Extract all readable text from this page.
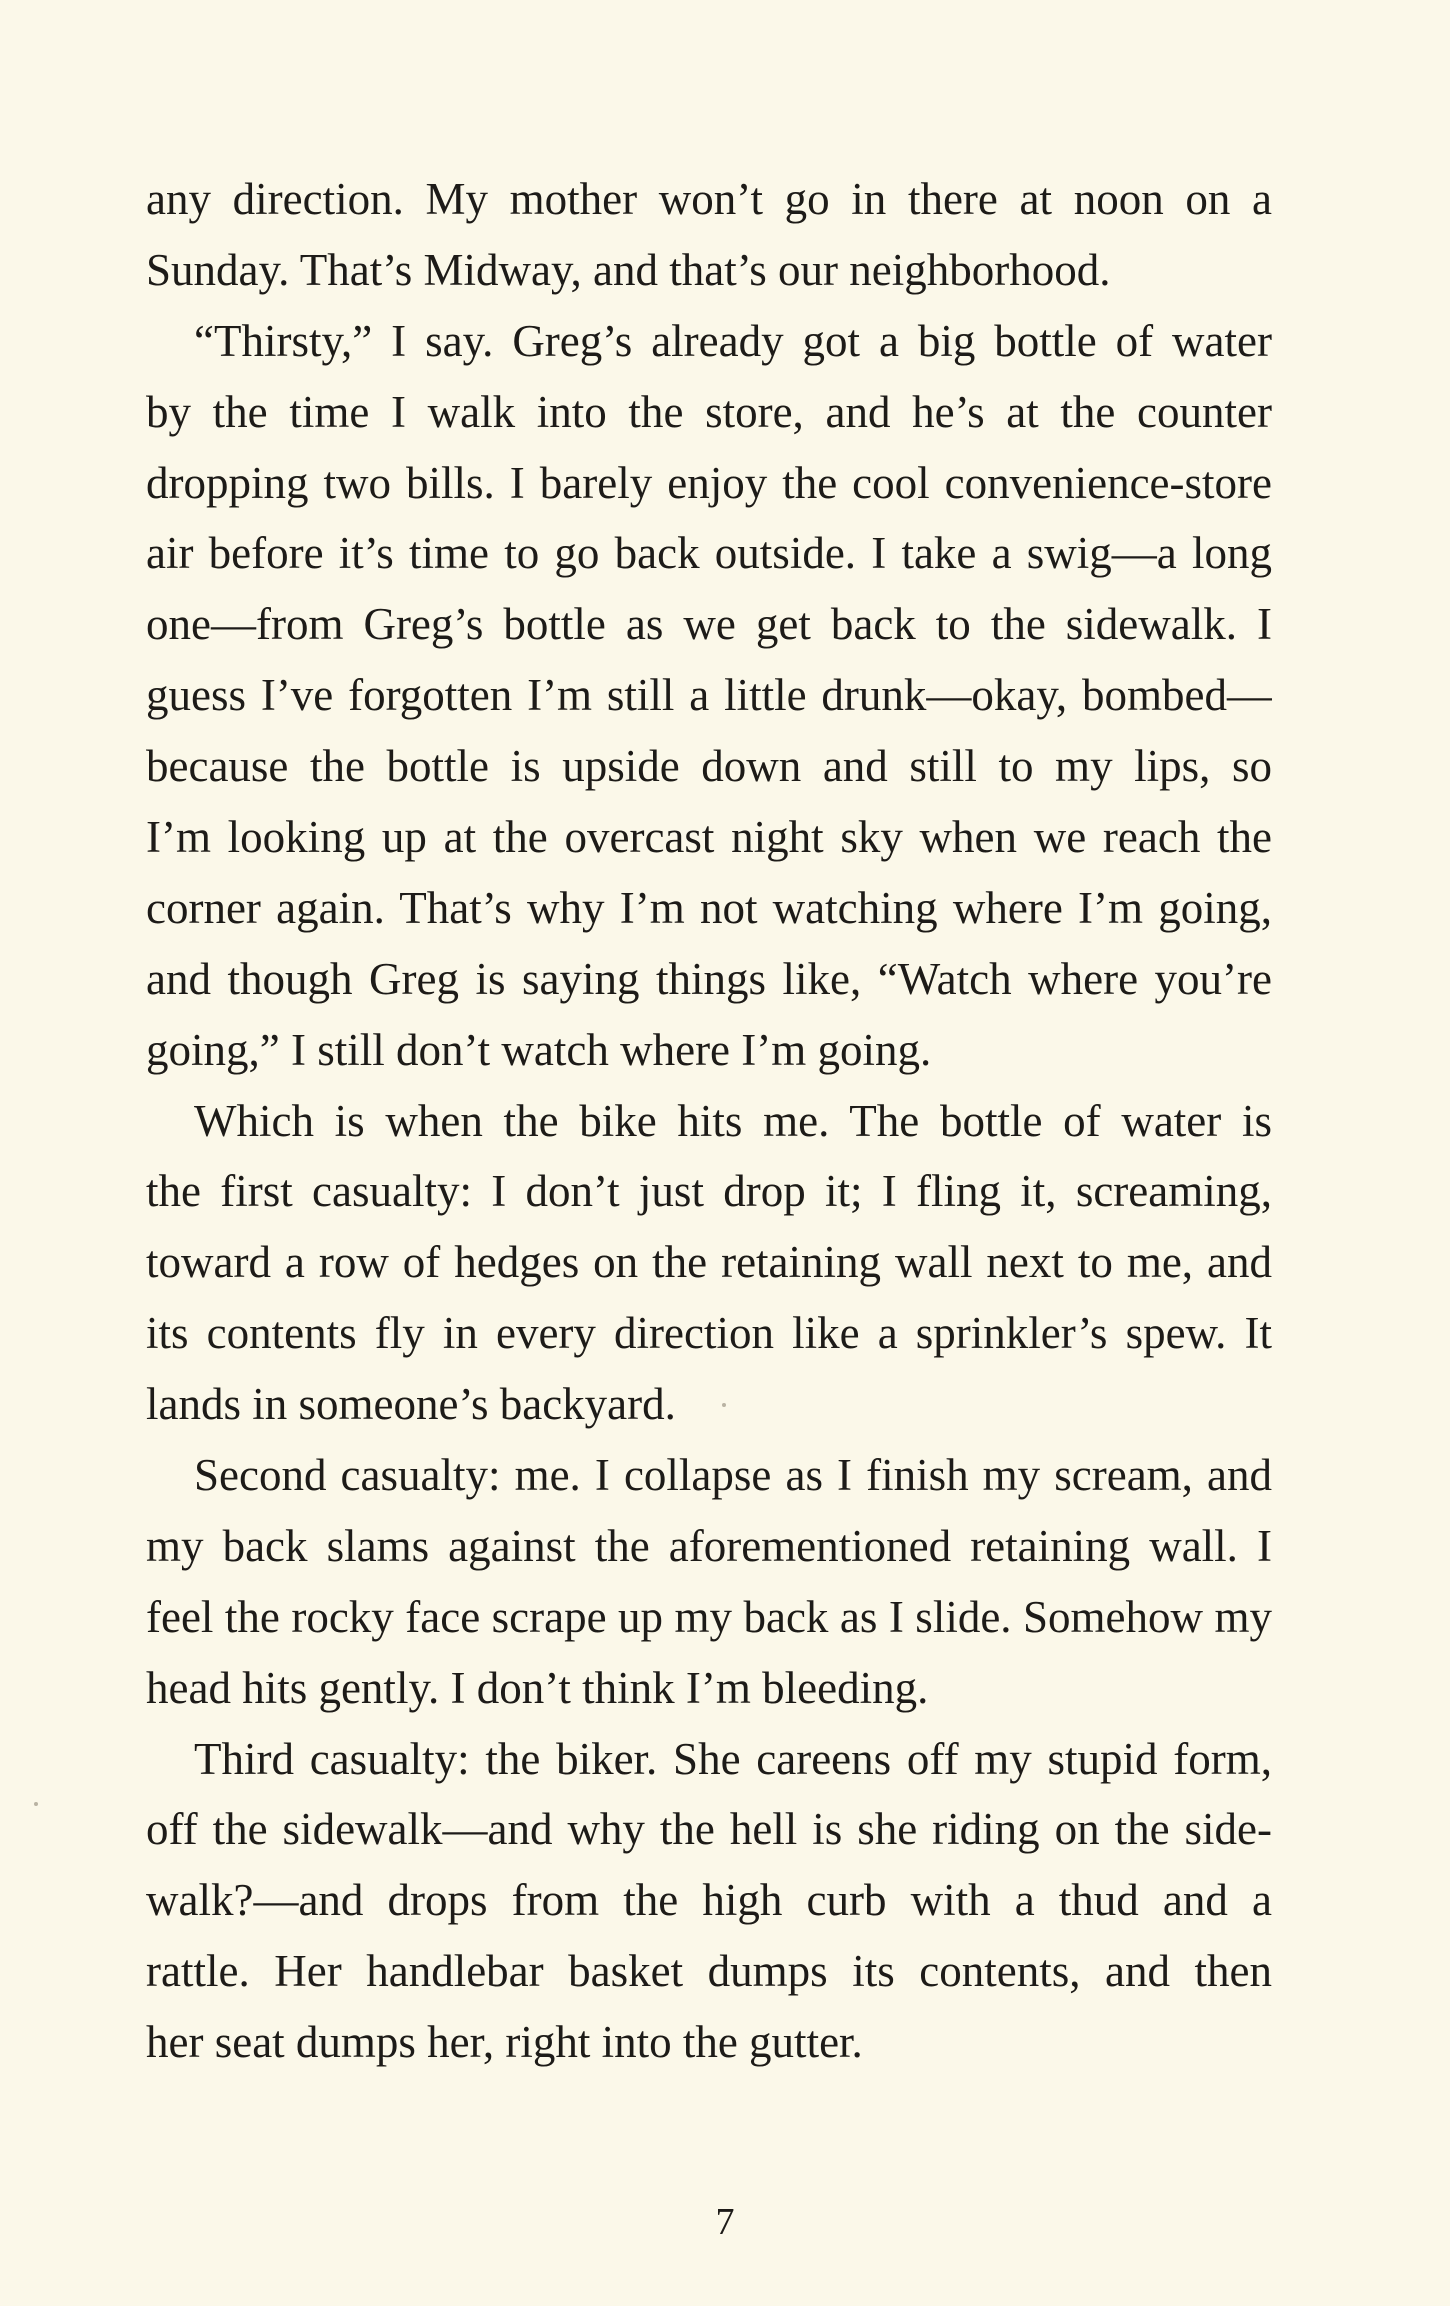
any direction. My mother won’t go in there at noon on a
Sunday. That’s Midway, and that’s our neighborhood.
“Thirsty,” I say. Greg’s already got a big bottle of water
by the time I walk into the store, and he’s at the counter
dropping two bills. I barely enjoy the cool convenience-store
air before it’s time to go back outside. I take a swig—a long
one—from Greg’s bottle as we get back to the sidewalk. I
guess I’ve forgotten I’m still a little drunk—okay, bombed—
because the bottle is upside down and still to my lips, so
I’m looking up at the overcast night sky when we reach the
corner again. That’s why I’m not watching where I’m going,
and though Greg is saying things like, “Watch where you’re
going,” I still don’t watch where I’m going.
Which is when the bike hits me. The bottle of water is
the first casualty: I don’t just drop it; I fling it, screaming,
toward a row of hedges on the retaining wall next to me, and
its contents fly in every direction like a sprinkler’s spew. It
lands in someone’s backyard.
Second casualty: me. I collapse as I finish my scream, and
my back slams against the aforementioned retaining wall. I
feel the rocky face scrape up my back as I slide. Somehow my
head hits gently. I don’t think I’m bleeding.
Third casualty: the biker. She careens off my stupid form,
off the sidewalk—and why the hell is she riding on the side-
walk?—and drops from the high curb with a thud and a
rattle. Her handlebar basket dumps its contents, and then
her seat dumps her, right into the gutter.
7
